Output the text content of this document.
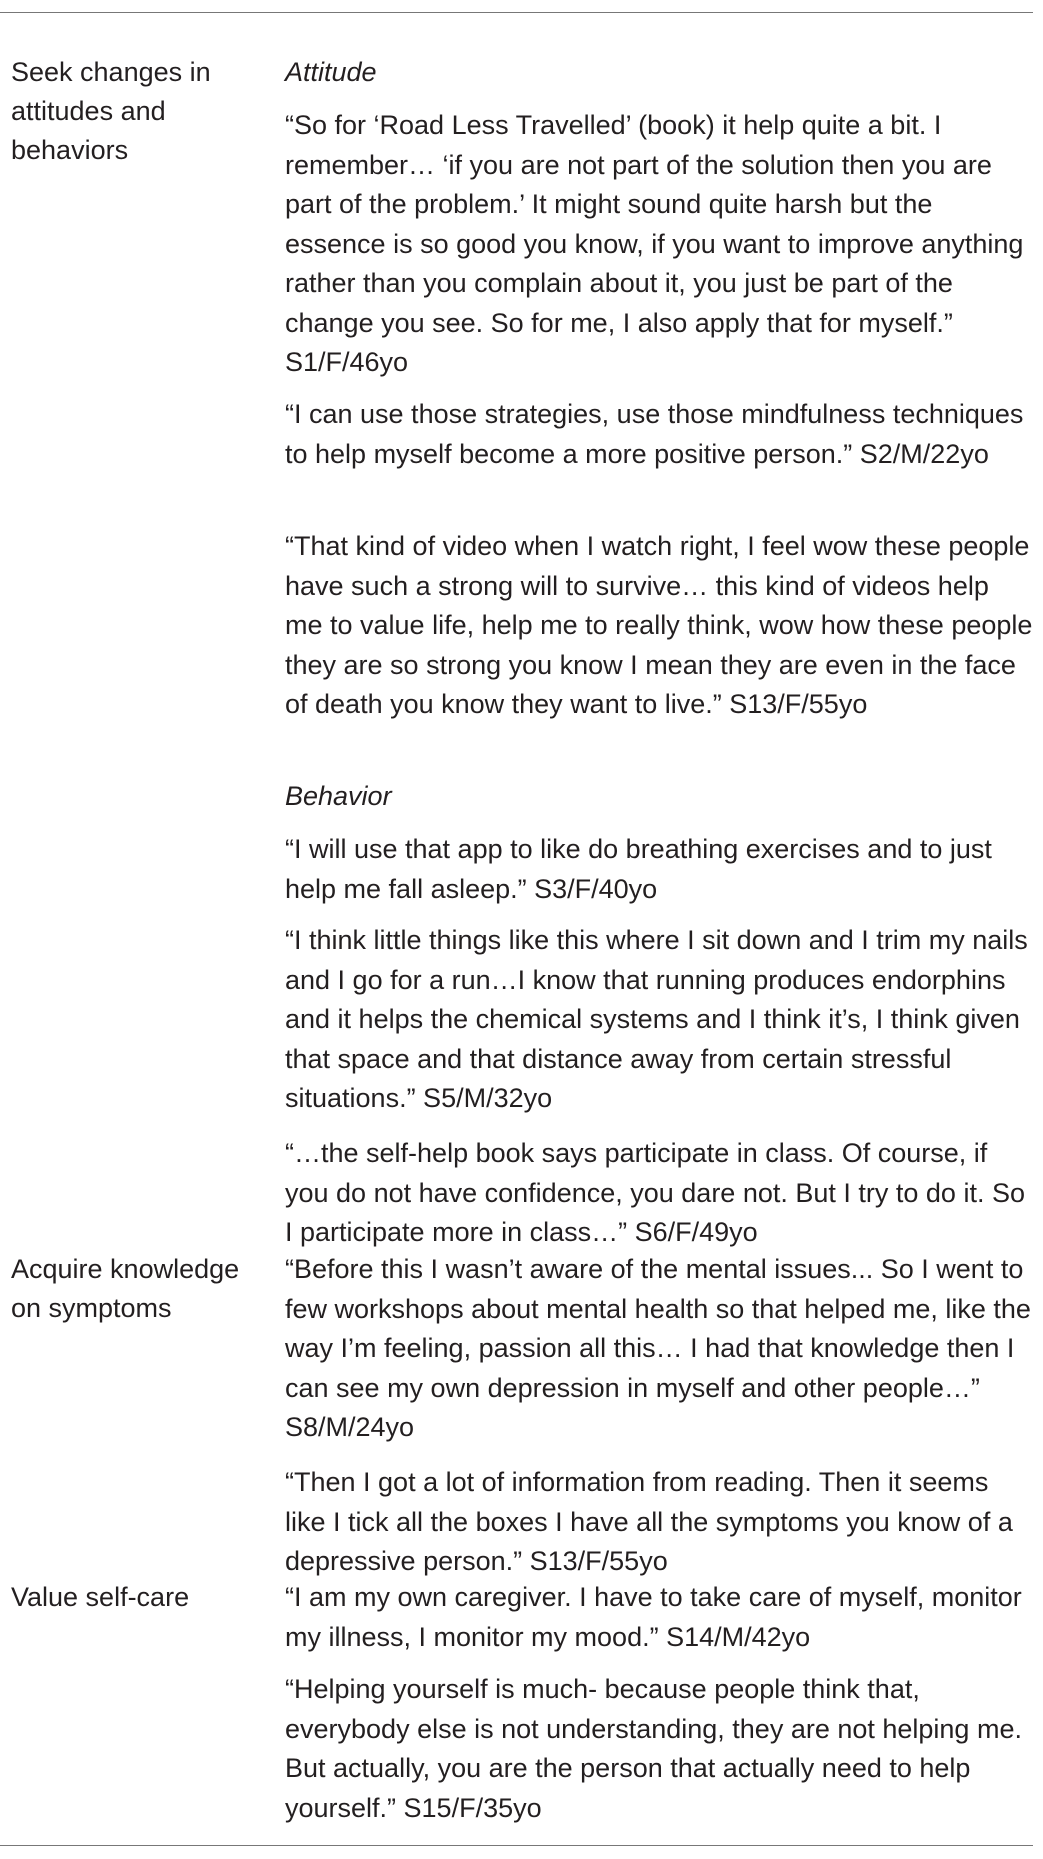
Seek changes in
attitudes and
behaviors
Attitude
“So for ‘Road Less Travelled’ (book) it help quite a bit. I remember… ‘if you are not part of the solution then you are part of the problem.’ It might sound quite harsh but the essence is so good you know, if you want to improve anything rather than you complain about it, you just be part of the change you see. So for me, I also apply that for myself.” S1/F/46yo
“I can use those strategies, use those mindfulness techniques to help myself become a more positive person.” S2/M/22yo
“That kind of video when I watch right, I feel wow these people have such a strong will to survive… this kind of videos help me to value life, help me to really think, wow how these people they are so strong you know I mean they are even in the face of death you know they want to live.” S13/F/55yo
Behavior
“I will use that app to like do breathing exercises and to just help me fall asleep.” S3/F/40yo
“I think little things like this where I sit down and I trim my nails and I go for a run…I know that running produces endorphins and it helps the chemical systems and I think it’s, I think given that space and that distance away from certain stressful situations.” S5/M/32yo
“…the self-help book says participate in class. Of course, if you do not have confidence, you dare not. But I try to do it. So I participate more in class…” S6/F/49yo
Acquire knowledge
on symptoms
“Before this I wasn’t aware of the mental issues... So I went to few workshops about mental health so that helped me, like the way I’m feeling, passion all this… I had that knowledge then I can see my own depression in myself and other people…” S8/M/24yo
“Then I got a lot of information from reading. Then it seems like I tick all the boxes I have all the symptoms you know of a depressive person.” S13/F/55yo
Value self-care	“I am my own caregiver. I have to take care of myself, monitor my illness, I monitor my mood.” S14/M/42yo
“Helping yourself is much- because people think that, everybody else is not understanding, they are not helping me. But actually, you are the person that actually need to help yourself.” S15/F/35yo
